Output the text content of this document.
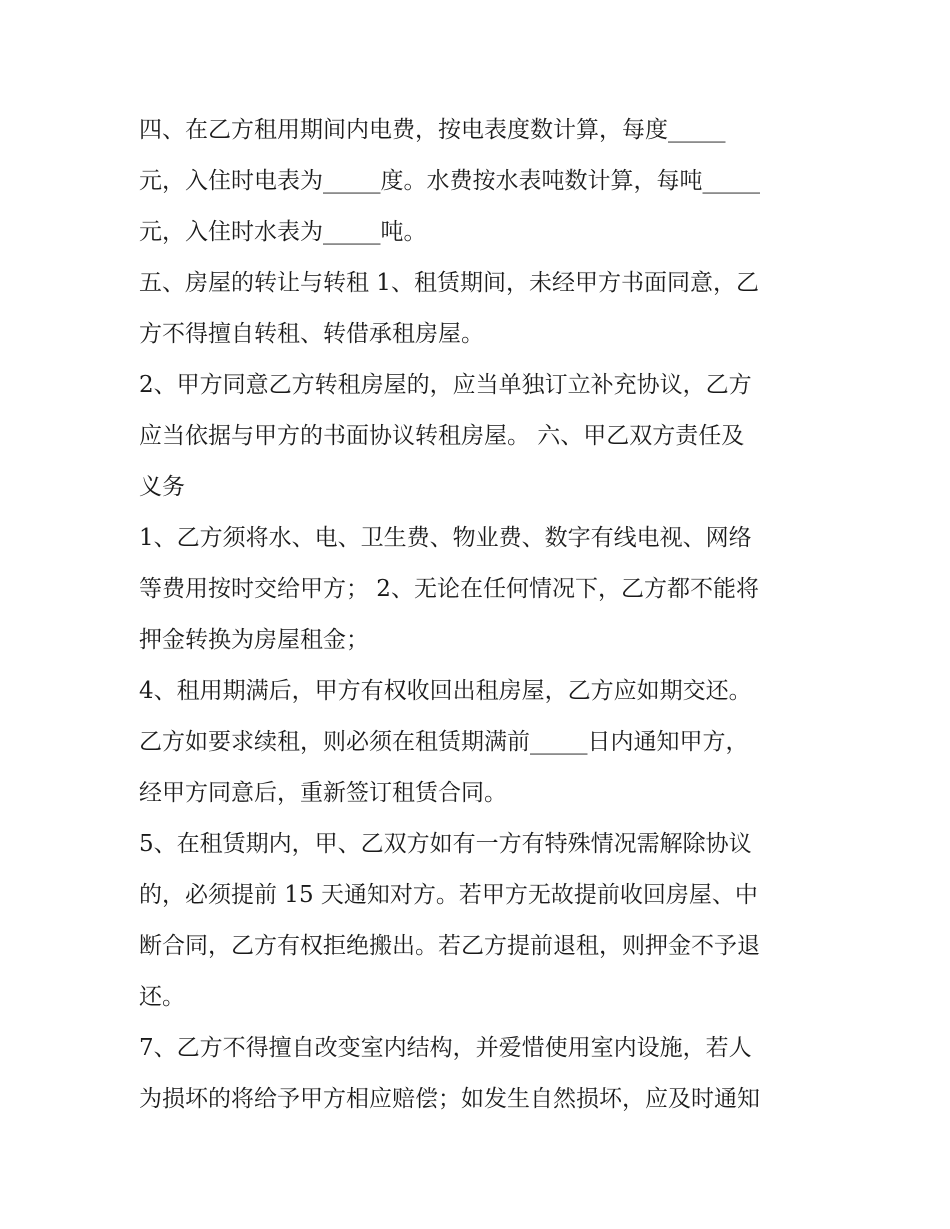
四、在乙方租用期间内电费，按电表度数计算，每度_____
元，入住时电表为_____度。水费按水表吨数计算，每吨_____
元，入住时水表为_____吨。
五、房屋的转让与转租 1、租赁期间，未经甲方书面同意，乙
方不得擅自转租、转借承租房屋。
2、甲方同意乙方转租房屋的，应当单独订立补充协议，乙方
应当依据与甲方的书面协议转租房屋。 六、甲乙双方责任及
义务
1、乙方须将水、电、卫生费、物业费、数字有线电视、网络
等费用按时交给甲方； 2、无论在任何情况下，乙方都不能将
押金转换为房屋租金；
4、租用期满后，甲方有权收回出租房屋，乙方应如期交还。
乙方如要求续租，则必须在租赁期满前_____日内通知甲方，
经甲方同意后，重新签订租赁合同。
5、在租赁期内，甲、乙双方如有一方有特殊情况需解除协议
的，必须提前 15 天通知对方。若甲方无故提前收回房屋、中
断合同，乙方有权拒绝搬出。若乙方提前退租，则押金不予退
还。
7、乙方不得擅自改变室内结构，并爱惜使用室内设施，若人
为损坏的将给予甲方相应赔偿；如发生自然损坏，应及时通知
